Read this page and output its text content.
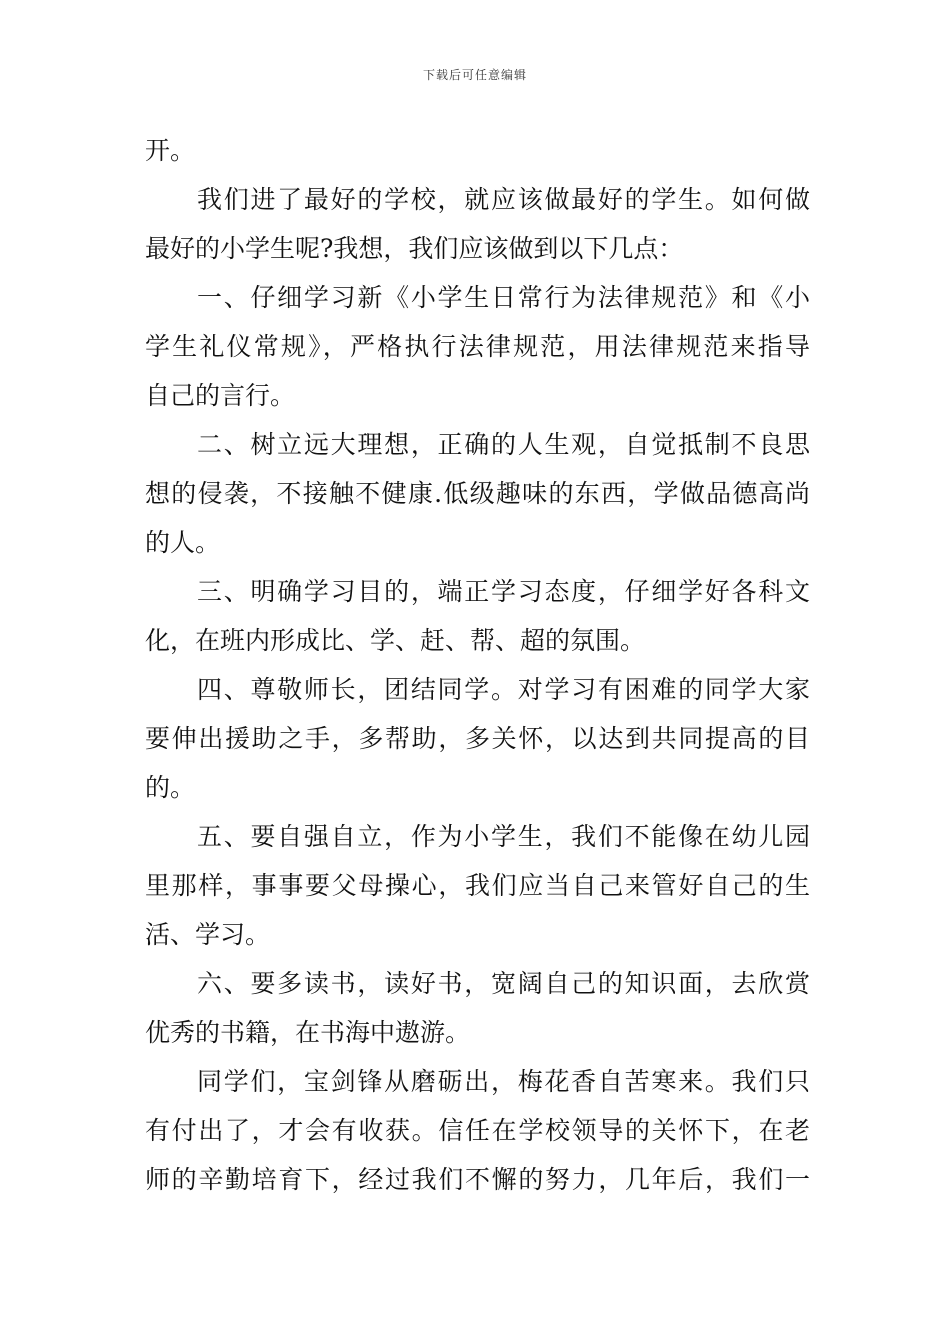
下载后可任意编辑

开。

我们进了最好的学校，就应该做最好的学生。如何做
最好的小学生呢?我想，我们应该做到以下几点：

一、仔细学习新《小学生日常行为法律规范》和《小
学生礼仪常规》，严格执行法律规范，用法律规范来指导
自己的言行。

二、树立远大理想，正确的人生观，自觉抵制不良思
想的侵袭，不接触不健康.低级趣味的东西，学做品德高尚
的人。

三、明确学习目的，端正学习态度，仔细学好各科文
化，在班内形成比、学、赶、帮、超的氛围。

四、尊敬师长，团结同学。对学习有困难的同学大家
要伸出援助之手，多帮助，多关怀，以达到共同提高的目
的。

五、要自强自立，作为小学生，我们不能像在幼儿园
里那样，事事要父母操心，我们应当自己来管好自己的生
活、学习。

六、要多读书，读好书，宽阔自己的知识面，去欣赏
优秀的书籍，在书海中遨游。

同学们，宝剑锋从磨砺出，梅花香自苦寒来。我们只
有付出了，才会有收获。信任在学校领导的关怀下，在老
师的辛勤培育下，经过我们不懈的努力，几年后，我们一
